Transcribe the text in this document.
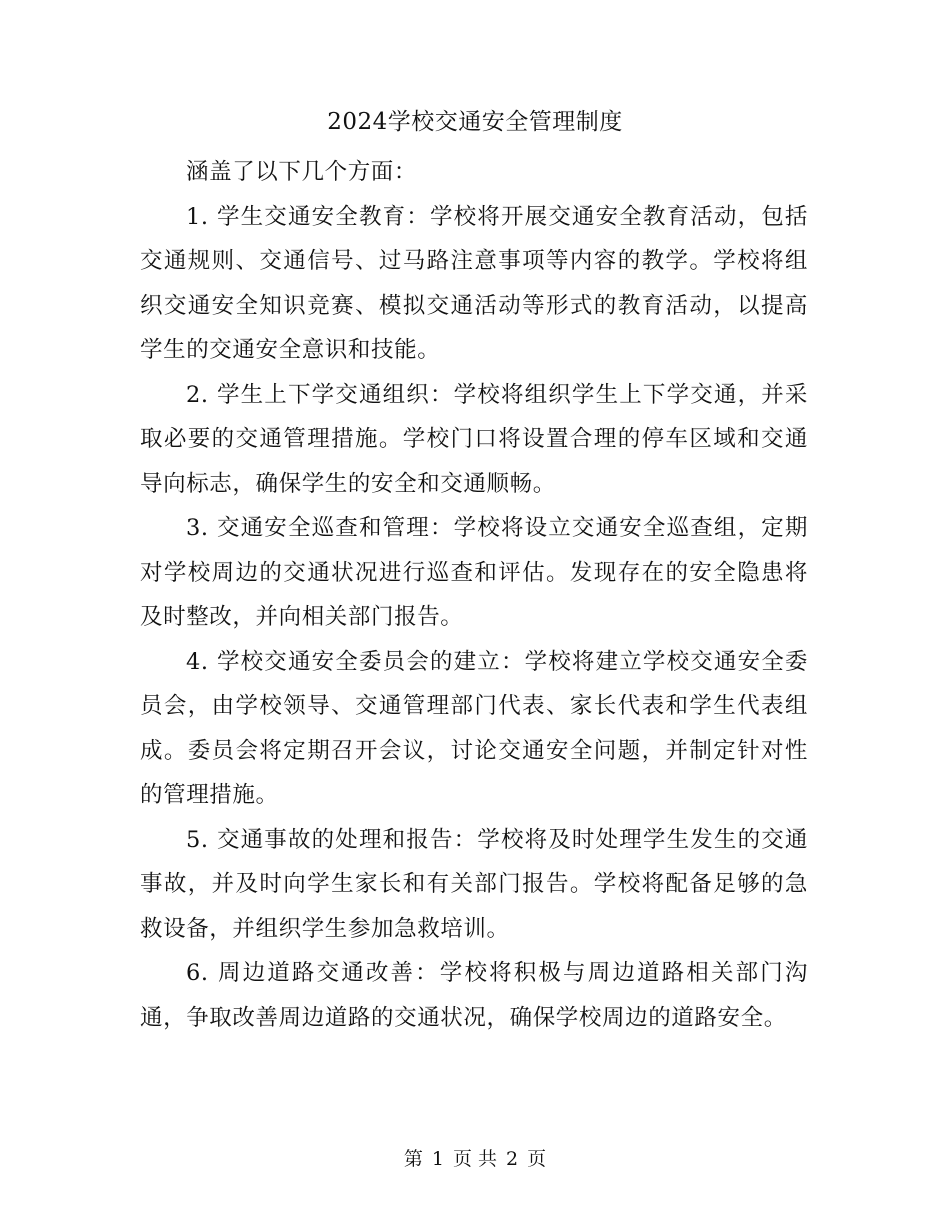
2024学校交通安全管理制度

涵盖了以下几个方面：

1. 学生交通安全教育：学校将开展交通安全教育活动，包括交通规则、交通信号、过马路注意事项等内容的教学。学校将组织交通安全知识竞赛、模拟交通活动等形式的教育活动，以提高学生的交通安全意识和技能。

2. 学生上下学交通组织：学校将组织学生上下学交通，并采取必要的交通管理措施。学校门口将设置合理的停车区域和交通导向标志，确保学生的安全和交通顺畅。

3. 交通安全巡查和管理：学校将设立交通安全巡查组，定期对学校周边的交通状况进行巡查和评估。发现存在的安全隐患将及时整改，并向相关部门报告。

4. 学校交通安全委员会的建立：学校将建立学校交通安全委员会，由学校领导、交通管理部门代表、家长代表和学生代表组成。委员会将定期召开会议，讨论交通安全问题，并制定针对性的管理措施。

5. 交通事故的处理和报告：学校将及时处理学生发生的交通事故，并及时向学生家长和有关部门报告。学校将配备足够的急救设备，并组织学生参加急救培训。

6. 周边道路交通改善：学校将积极与周边道路相关部门沟通，争取改善周边道路的交通状况，确保学校周边的道路安全。

第 1 页 共 2 页
